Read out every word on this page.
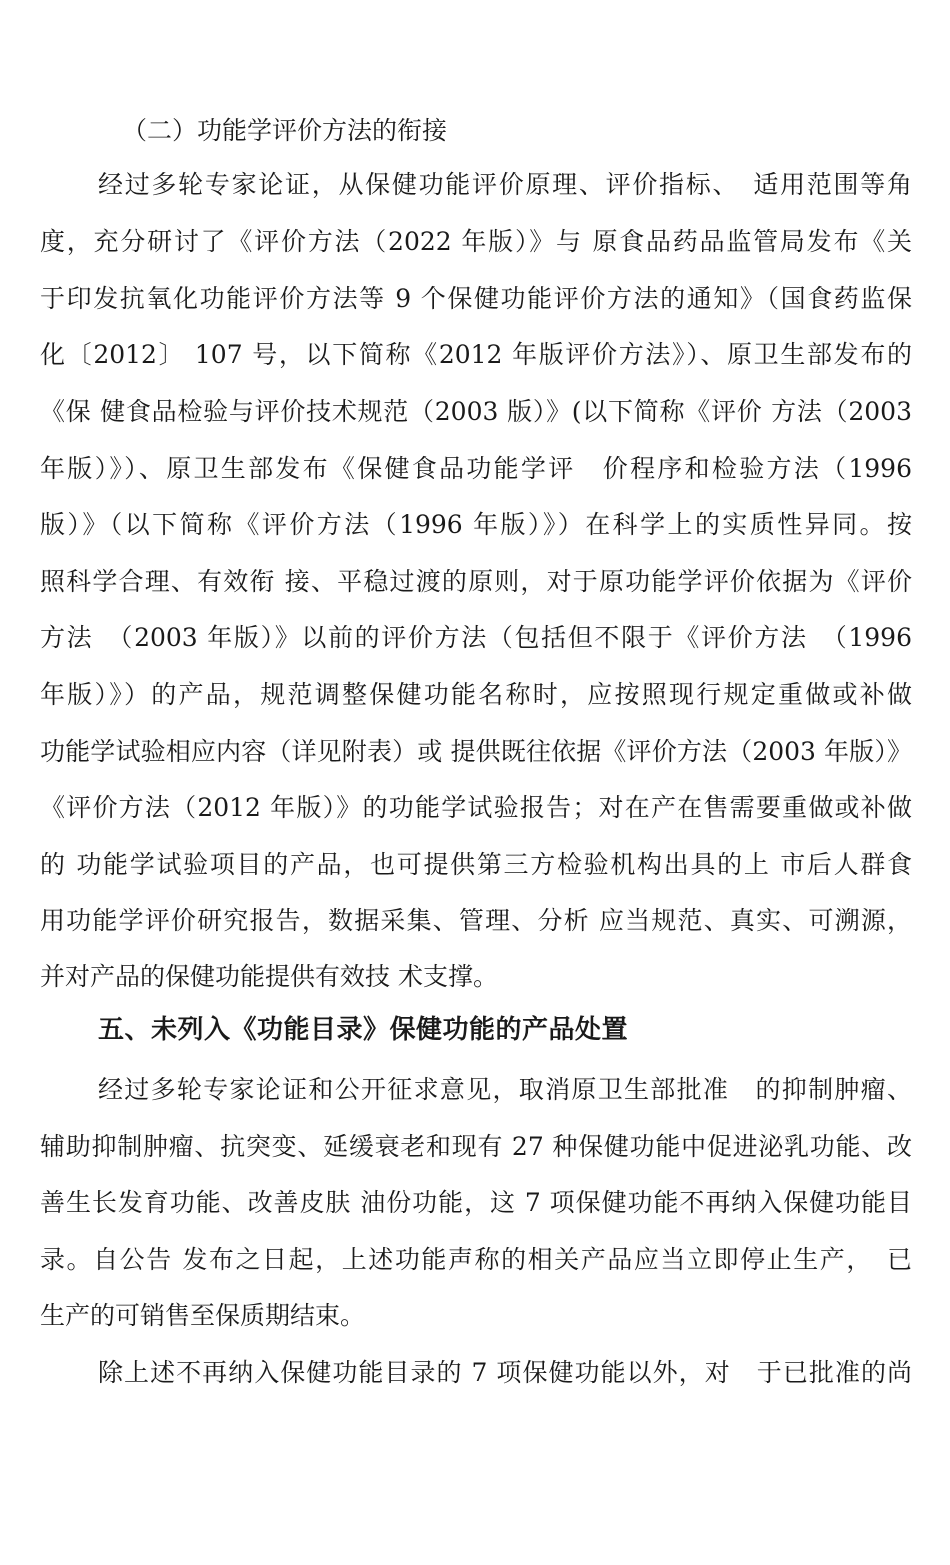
（二）功能学评价方法的衔接
经过多轮专家论证，从保健功能评价原理、评价指标、　适用范围等角
度，充分研讨了《评价方法（2022 年版）》与 原食品药品监管局发布《关
于印发抗氧化功能评价方法等 9 个保健功能评价方法的通知》（国食药监保
化〔2012〕 107 号，以下简称《2012 年版评价方法》）、原卫生部发布的
《保 健食品检验与评价技术规范（2003 版）》(以下简称《评价 方法（2003
年版）》）、原卫生部发布《保健食品功能学评　价程序和检验方法（1996
版）》（以下简称《评价方法（1996 年版）》）在科学上的实质性异同。按
照科学合理、有效衔 接、平稳过渡的原则，对于原功能学评价依据为《评价
方法　（2003 年版）》以前的评价方法（包括但不限于《评价方法　（1996
年版）》）的产品，规范调整保健功能名称时，应按照现行规定重做或补做
功能学试验相应内容（详见附表）或 提供既往依据《评价方法（2003 年版）》
《评价方法（2012 年版）》的功能学试验报告；对在产在售需要重做或补做
的 功能学试验项目的产品，也可提供第三方检验机构出具的上 市后人群食
用功能学评价研究报告，数据采集、管理、分析 应当规范、真实、可溯源，
并对产品的保健功能提供有效技 术支撑。
五、未列入《功能目录》保健功能的产品处置
经过多轮专家论证和公开征求意见，取消原卫生部批准　的抑制肿瘤、
辅助抑制肿瘤、抗突变、延缓衰老和现有 27 种保健功能中促进泌乳功能、改
善生长发育功能、改善皮肤 油份功能，这 7 项保健功能不再纳入保健功能目
录。自公告 发布之日起，上述功能声称的相关产品应当立即停止生产，　已
生产的可销售至保质期结束。
除上述不再纳入保健功能目录的 7 项保健功能以外，对　于已批准的尚
